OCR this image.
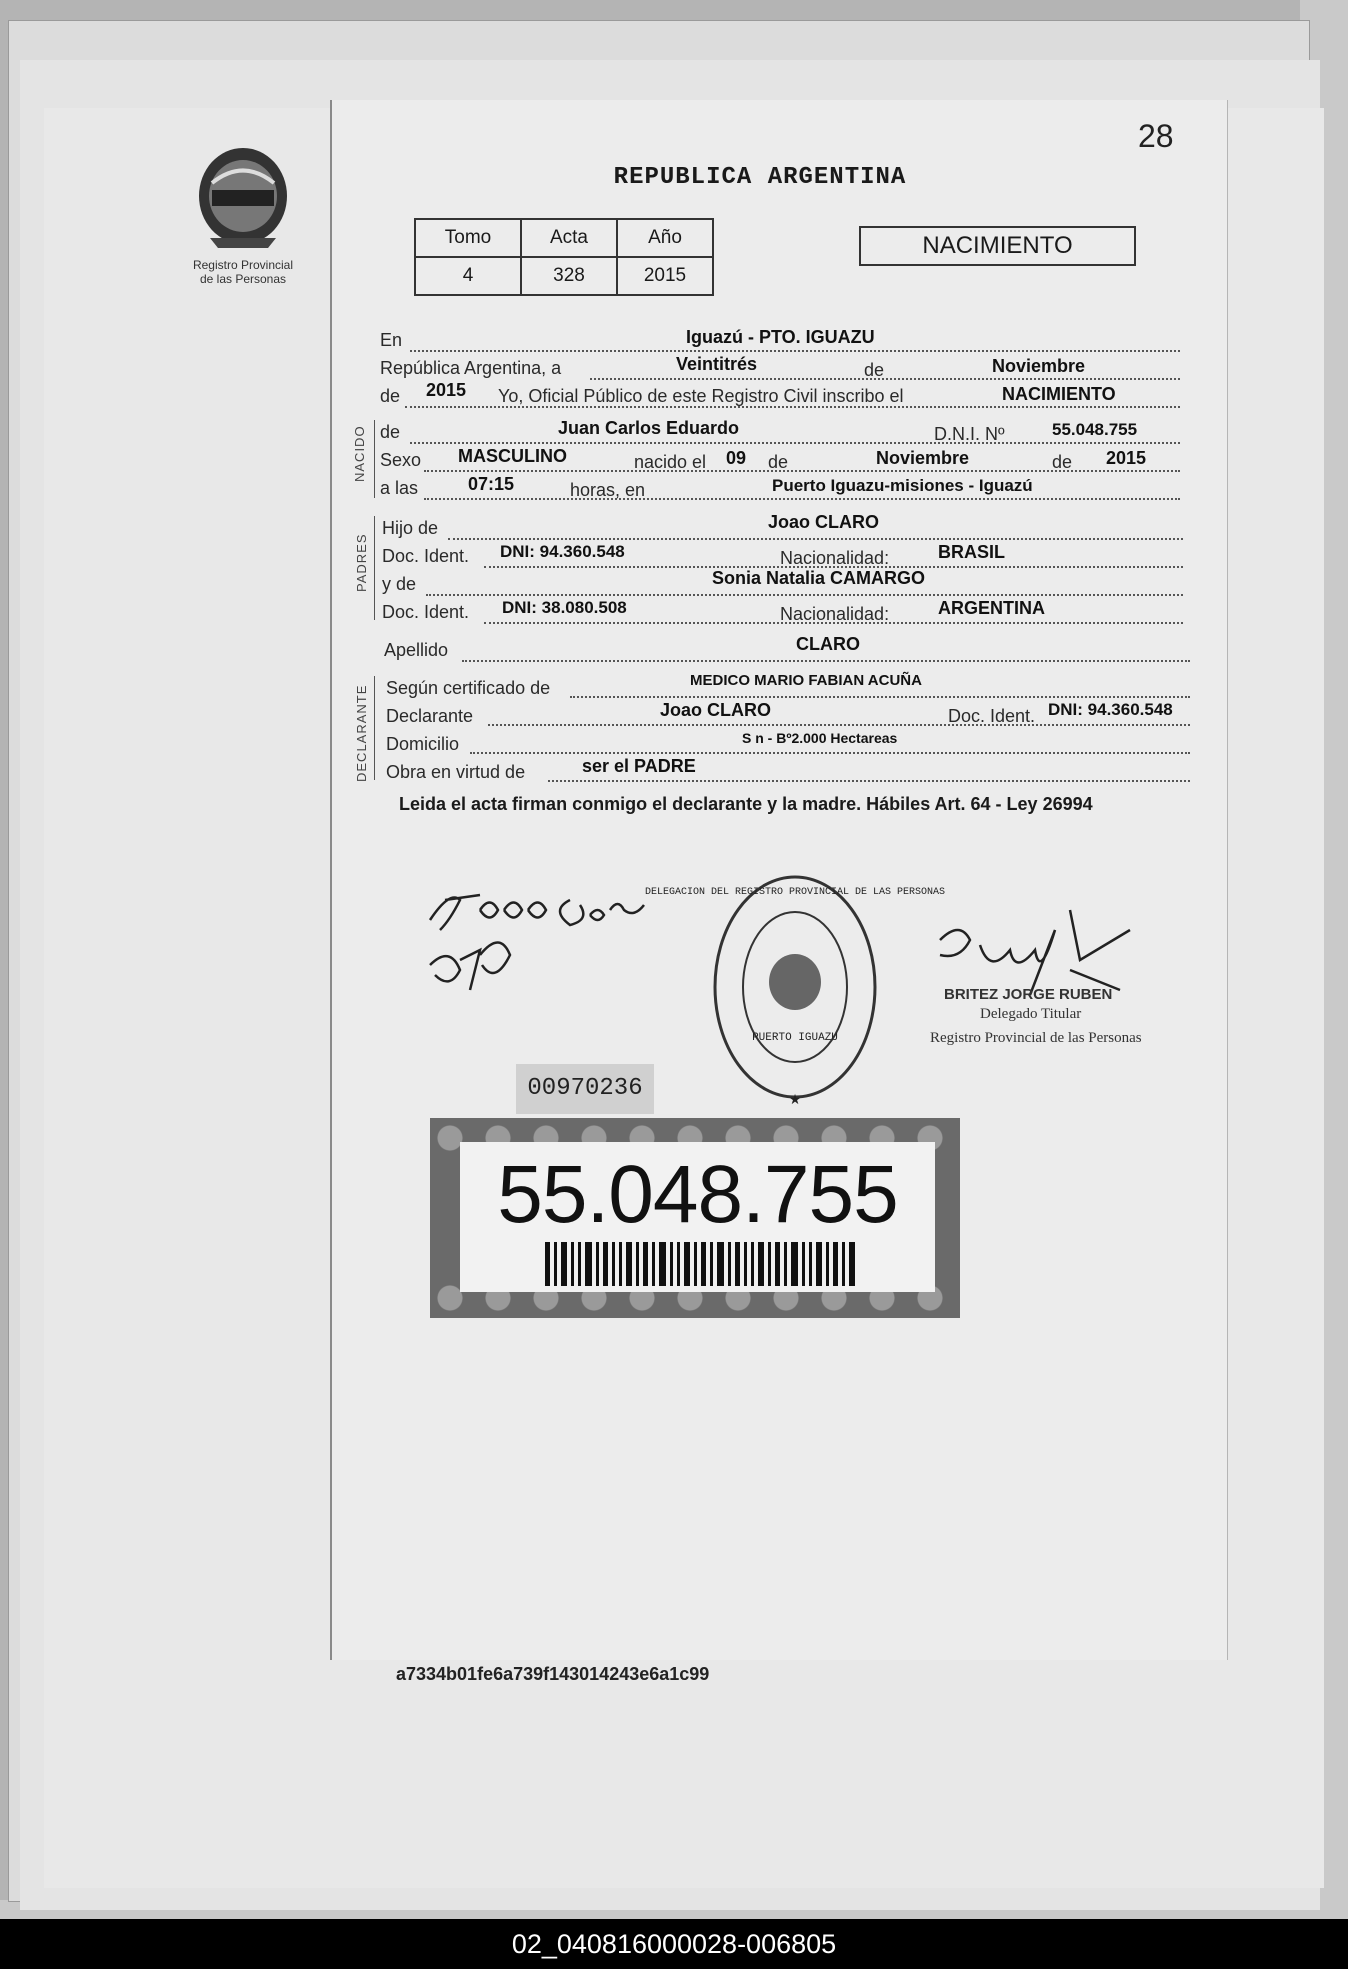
Registro Provincial
de las Personas
28
REPUBLICA ARGENTINA
Tomo	Acta	Año
4	328	2015
NACIMIENTO
En	Iguazú - PTO. IGUAZU
República Argentina, a	Veintitrés	de	Noviembre
de 2015 Yo, Oficial Público de este Registro Civil inscribo el	NACIMIENTO
NACIDO de	Juan Carlos Eduardo	D.N.I. Nº	55.048.755
Sexo MASCULINO	nacido el 09 de	Noviembre	de 2015
a las	07:15	horas, en	Puerto Iguazu-misiones - Iguazú
PADRES
Hijo de	Joao CLARO
Doc. Ident. DNI: 94.360.548	Nacionalidad:	BRASIL
y de	Sonia Natalia CAMARGO
Doc. Ident. DNI: 38.080.508	Nacionalidad:	ARGENTINA
Apellido	CLARO
DECLARANTE Según certificado de	MEDICO MARIO FABIAN ACUÑA
Declarante	Joao CLARO	Doc. Ident. DNI: 94.360.548
Domicilio	S n - Bº2.000 Hectareas
Obra en virtud de	ser el PADRE
Leida el acta firman conmigo el declarante y la madre. Hábiles Art. 64 - Ley 26994
DELEGACION DEL REGISTRO PROVINCIAL DE LAS PERSONAS
PUERTO IGUAZU
★
BRITEZ JORGE RUBEN
Delegado Titular
Registro Provincial de las Personas
00970236
55.048.755
a7334b01fe6a739f143014243e6a1c99
02_040816000028-006805
